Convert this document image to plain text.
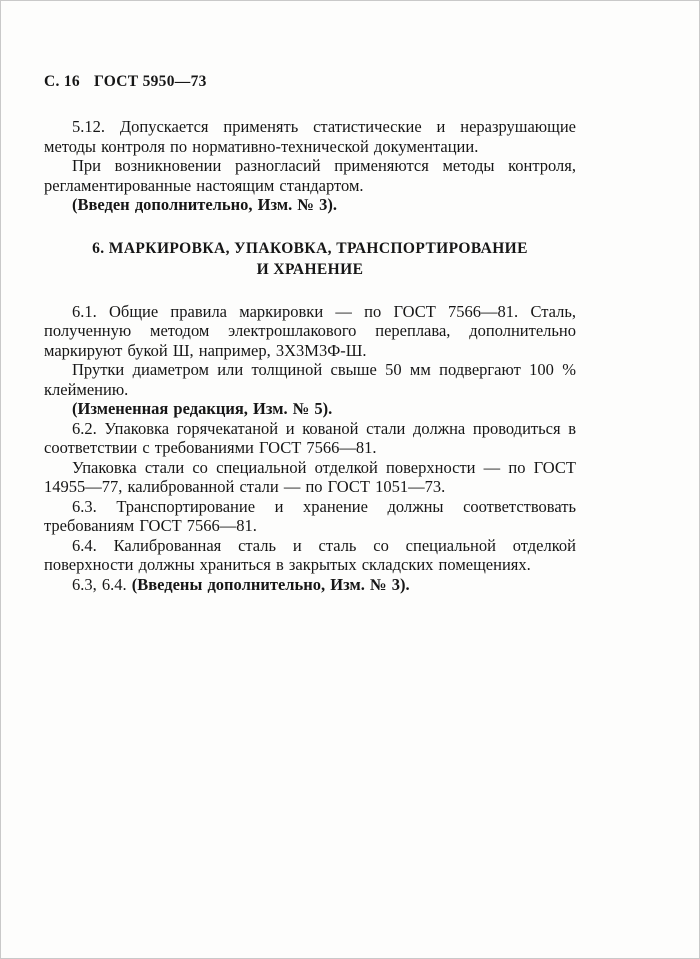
С. 16 ГОСТ 5950—73
5.12. Допускается применять статистические и неразрушающие методы контроля по нормативно-технической документации.
При возникновении разногласий применяются методы контроля, регламентированные настоящим стандартом.
(Введен дополнительно, Изм. № 3).
6. МАРКИРОВКА, УПАКОВКА, ТРАНСПОРТИРОВАНИЕ
И ХРАНЕНИЕ
6.1. Общие правила маркировки — по ГОСТ 7566—81. Сталь, полученную методом электрошлакового переплава, дополнительно маркируют букой Ш, например, 3Х3М3Ф-Ш.
Прутки диаметром или толщиной свыше 50 мм подвергают 100 % клеймению.
(Измененная редакция, Изм. № 5).
6.2. Упаковка горячекатаной и кованой стали должна проводиться в соответствии с требованиями ГОСТ 7566—81.
Упаковка стали со специальной отделкой поверхности — по ГОСТ 14955—77, калиброванной стали — по ГОСТ 1051—73.
6.3. Транспортирование и хранение должны соответствовать требованиям ГОСТ 7566—81.
6.4. Калиброванная сталь и сталь со специальной отделкой поверхности должны храниться в закрытых складских помещениях.
6.3, 6.4. (Введены дополнительно, Изм. № 3).
